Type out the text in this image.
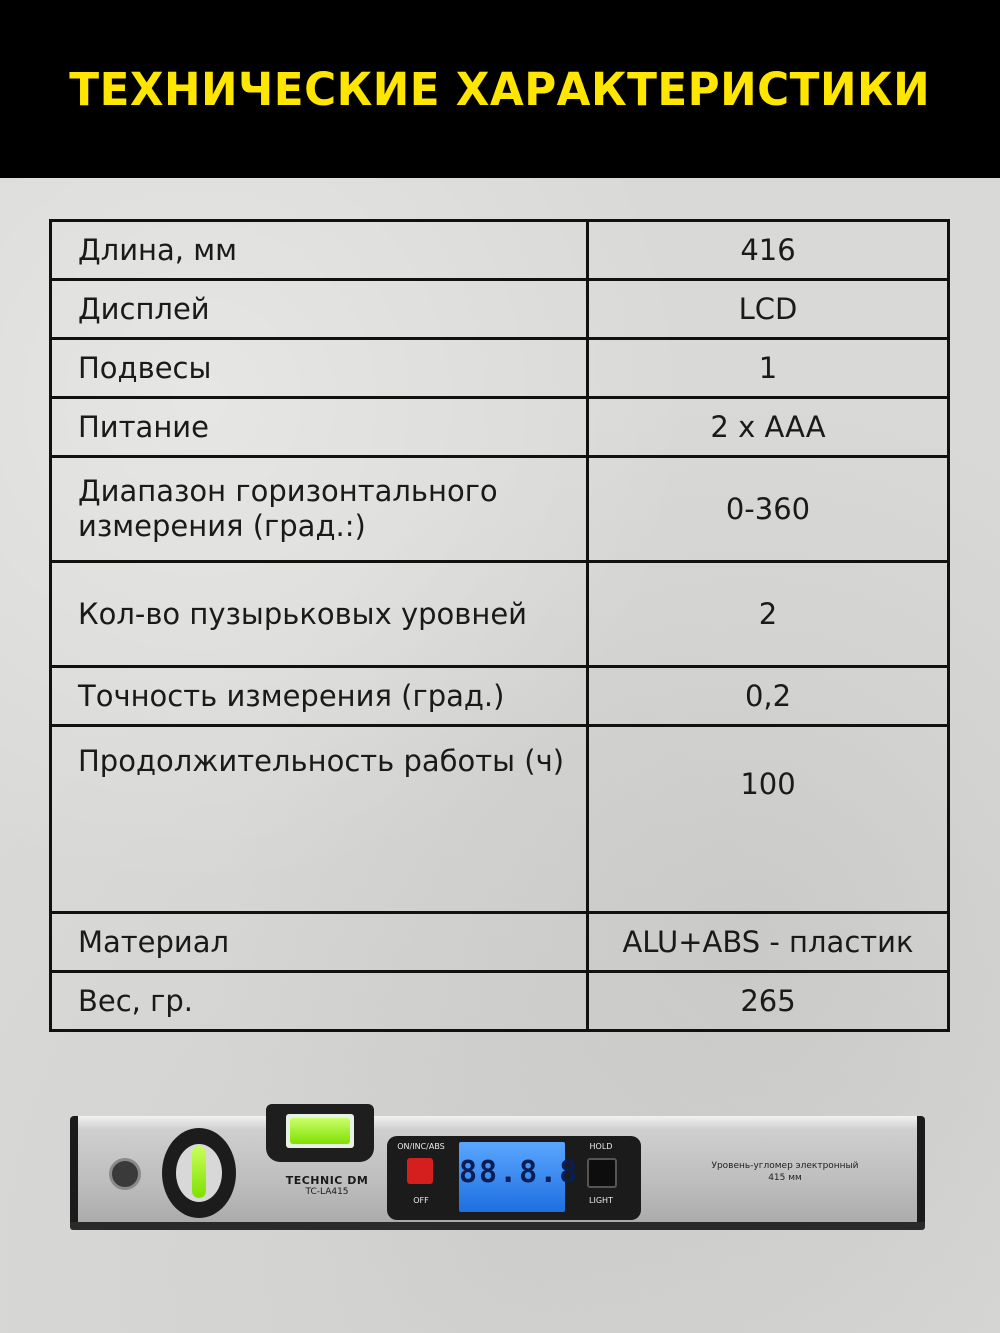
ТЕХНИЧЕСКИЕ ХАРАКТЕРИСТИКИ
Длина, мм	416
Дисплей	LCD
Подвесы	1
Питание	2 x AAA
Диапазон горизонтального измерения (град.:)	0-360
Кол-во пузырьковых уровней	2
Точность измерения (град.)	0,2
Продолжительность работы (ч)	100
Материал	ALU+ABS - пластик
Вес, гр.	265
TECHNIC DM
TC-LA415
ON/INC/ABS
OFF

88.8.8
HOLD
LIGHT
Уровень-угломер электронный
415 мм
